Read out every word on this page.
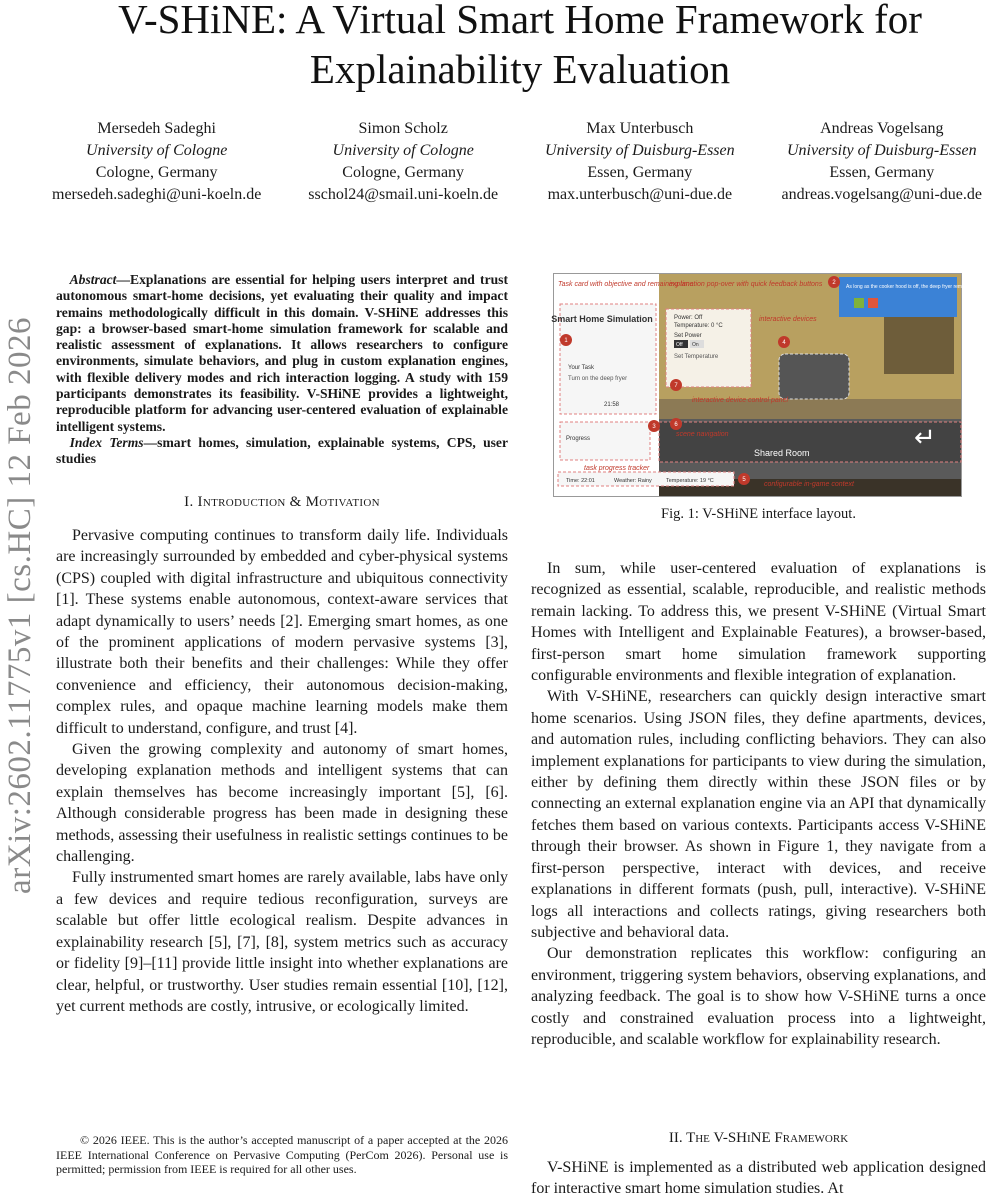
arXiv:2602.11775v1 [cs.HC] 12 Feb 2026
V-SHiNE: A Virtual Smart Home Framework for
Explainability Evaluation
Mersedeh Sadeghi
University of Cologne
Cologne, Germany
mersedeh.sadeghi@uni-koeln.de
Simon Scholz
University of Cologne
Cologne, Germany
sschol24@smail.uni-koeln.de
Max Unterbusch
University of Duisburg-Essen
Essen, Germany
max.unterbusch@uni-due.de
Andreas Vogelsang
University of Duisburg-Essen
Essen, Germany
andreas.vogelsang@uni-due.de

Abstract—Explanations are essential for helping users interpret and trust autonomous smart-home decisions, yet evaluating their quality and impact remains methodologically difficult in this domain. V-SHiNE addresses this gap: a browser-based smart-home simulation framework for scalable and realistic assessment of explanations. It allows researchers to configure environments, simulate behaviors, and plug in custom explanation engines, with flexible delivery modes and rich interaction logging. A study with 159 participants demonstrates its feasibility. V-SHiNE provides a lightweight, reproducible platform for advancing user-centered evaluation of explainable intelligent systems.

Index Terms—smart homes, simulation, explainable systems, CPS, user studies

I. Introduction & Motivation

Pervasive computing continues to transform daily life. Individuals are increasingly surrounded by embedded and cyber-physical systems (CPS) coupled with digital infrastructure and ubiquitous connectivity [1]. These systems enable autonomous, context-aware services that adapt dynamically to users’ needs [2]. Emerging smart homes, as one of the prominent applications of modern pervasive systems [3], illustrate both their benefits and their challenges: While they offer convenience and efficiency, their autonomous decision-making, complex rules, and opaque machine learning models make them difficult to understand, configure, and trust [4].

Given the growing complexity and autonomy of smart homes, developing explanation methods and intelligent systems that can explain themselves has become increasingly important [5], [6]. Although considerable progress has been made in designing these methods, assessing their usefulness in realistic settings continues to be challenging.

Fully instrumented smart homes are rarely available, labs have only a few devices and require tedious reconfiguration, surveys are scalable but offer little ecological realism. Despite advances in explainability research [5], [7], [8], system metrics such as accuracy or fidelity [9]–[11] provide little insight into whether explanations are clear, helpful, or trustworthy. User studies remain essential [10], [12], yet current methods are costly, intrusive, or ecologically limited.

© 2026 IEEE. This is the author’s accepted manuscript of a paper accepted at the 2026 IEEE International Conference on Pervasive Computing (PerCom 2026). Personal use is permitted; permission from IEEE is required for all other uses.
Smart Home Simulation
Your Task
Turn on the deep fryer
21:58
Progress
Power: Off
Temperature: 0 °C
Set Power
Off On
Set Temperature
As long as the cooker hood is off, the deep fryer remains off
Shared Room	↵
Time: 22:01	Weather: Rainy	Temperature: 19 °C
Task card with objective and remaining time
explanation pop-over with quick feedback buttons
interactive devices
interactive device control panel
scene navigation
task progress tracker
configurable in-game context
1
2
3
4
5
6
7
Fig. 1: V-SHiNE interface layout.

In sum, while user-centered evaluation of explanations is recognized as essential, scalable, reproducible, and realistic methods remain lacking. To address this, we present V-SHiNE (Virtual Smart Homes with Intelligent and Explainable Features), a browser-based, first-person smart home simulation framework supporting configurable environments and flexible integration of explanation.

With V-SHiNE, researchers can quickly design interactive smart home scenarios. Using JSON files, they define apartments, devices, and automation rules, including conflicting behaviors. They can also implement explanations for participants to view during the simulation, either by defining them directly within these JSON files or by connecting an external explanation engine via an API that dynamically fetches them based on various contexts. Participants access V-SHiNE through their browser. As shown in Figure 1, they navigate from a first-person perspective, interact with devices, and receive explanations in different formats (push, pull, interactive). V-SHiNE logs all interactions and collects ratings, giving researchers both subjective and behavioral data.

Our demonstration replicates this workflow: configuring an environment, triggering system behaviors, observing explanations, and analyzing feedback. The goal is to show how V-SHiNE turns a once costly and constrained evaluation process into a lightweight, reproducible, and scalable workflow for explainability research.

II. The V-SHiNE Framework
V-SHiNE is implemented as a distributed web application designed for interactive smart home simulation studies. At
